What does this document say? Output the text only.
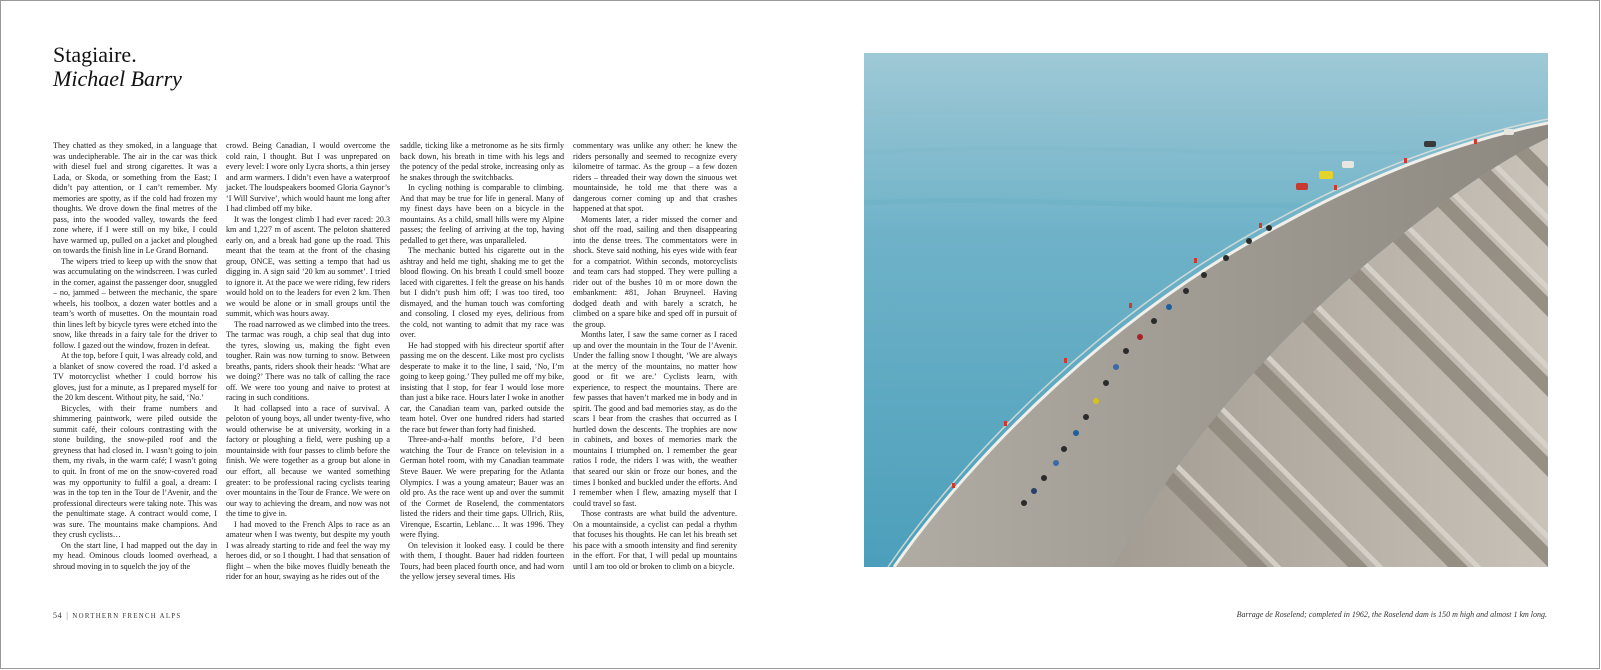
Stagiaire.
Michael Barry

They chatted as they smoked, in a language that was undecipherable. The air in the car was thick with diesel fuel and strong cigarettes. It was a Lada, or Skoda, or something from the East; I didn’t pay attention, or I can’t remember. My memories are spotty, as if the cold had frozen my thoughts. We drove down the final metres of the pass, into the wooded valley, towards the feed zone where, if I were still on my bike, I could have warmed up, pulled on a jacket and ploughed on towards the finish line in Le Grand Bornand.

The wipers tried to keep up with the snow that was accumulating on the windscreen. I was curled in the corner, against the passenger door, snuggled – no, jammed – between the mechanic, the spare wheels, his toolbox, a dozen water bottles and a team’s worth of musettes. On the mountain road thin lines left by bicycle tyres were etched into the snow, like threads in a fairy tale for the driver to follow. I gazed out the window, frozen in defeat.

At the top, before I quit, I was already cold, and a blanket of snow covered the road. I’d asked a TV motorcyclist whether I could borrow his gloves, just for a minute, as I prepared myself for the 20 km descent. Without pity, he said, ‘No.’

Bicycles, with their frame numbers and shimmering paintwork, were piled outside the summit café, their colours contrasting with the stone building, the snow-piled roof and the greyness that had closed in. I wasn’t going to join them, my rivals, in the warm café; I wasn’t going to quit. In front of me on the snow-covered road was my opportunity to fulfil a goal, a dream: I was in the top ten in the Tour de l’Avenir, and the professional directeurs were taking note. This was the penultimate stage. A contract would come, I was sure. The mountains make champions. And they crush cyclists…

On the start line, I had mapped out the day in my head. Ominous clouds loomed overhead, a shroud moving in to squelch the joy of the

crowd. Being Canadian, I would overcome the cold rain, I thought. But I was unprepared on every level: I wore only Lycra shorts, a thin jersey and arm warmers. I didn’t even have a waterproof jacket. The loudspeakers boomed Gloria Gaynor’s ‘I Will Survive’, which would haunt me long after I had climbed off my bike.

It was the longest climb I had ever raced: 20.3 km and 1,227 m of ascent. The peloton shattered early on, and a break had gone up the road. This meant that the team at the front of the chasing group, ONCE, was setting a tempo that had us digging in. A sign said ‘20 km au sommet’. I tried to ignore it. At the pace we were riding, few riders would hold on to the leaders for even 2 km. Then we would be alone or in small groups until the summit, which was hours away.

The road narrowed as we climbed into the trees. The tarmac was rough, a chip seal that dug into the tyres, slowing us, making the fight even tougher. Rain was now turning to snow. Between breaths, pants, riders shook their heads: ‘What are we doing?’ There was no talk of calling the race off. We were too young and naive to protest at racing in such conditions.

It had collapsed into a race of survival. A peloton of young boys, all under twenty-five, who would otherwise be at university, working in a factory or ploughing a field, were pushing up a mountainside with four passes to climb before the finish. We were together as a group but alone in our effort, all because we wanted something greater: to be professional racing cyclists tearing over mountains in the Tour de France. We were on our way to achieving the dream, and now was not the time to give in.

I had moved to the French Alps to race as an amateur when I was twenty, but despite my youth I was already starting to ride and feel the way my heroes did, or so I thought. I had that sensation of flight – when the bike moves fluidly beneath the rider for an hour, swaying as he rides out of the

saddle, ticking like a metronome as he sits firmly back down, his breath in time with his legs and the potency of the pedal stroke, increasing only as he snakes through the switchbacks.

In cycling nothing is comparable to climbing. And that may be true for life in general. Many of my finest days have been on a bicycle in the mountains. As a child, small hills were my Alpine passes; the feeling of arriving at the top, having pedalled to get there, was unparalleled.

The mechanic butted his cigarette out in the ashtray and held me tight, shaking me to get the blood flowing. On his breath I could smell booze laced with cigarettes. I felt the grease on his hands but I didn’t push him off; I was too tired, too dismayed, and the human touch was comforting and consoling. I closed my eyes, delirious from the cold, not wanting to admit that my race was over.

He had stopped with his directeur sportif after passing me on the descent. Like most pro cyclists desperate to make it to the line, I said, ‘No, I’m going to keep going.’ They pulled me off my bike, insisting that I stop, for fear I would lose more than just a bike race. Hours later I woke in another car, the Canadian team van, parked outside the team hotel. Over one hundred riders had started the race but fewer than forty had finished.

Three-and-a-half months before, I’d been watching the Tour de France on television in a German hotel room, with my Canadian teammate Steve Bauer. We were preparing for the Atlanta Olympics. I was a young amateur; Bauer was an old pro. As the race went up and over the summit of the Cormet de Roselend, the commentators listed the riders and their time gaps. Ullrich, Riis, Virenque, Escartin, Leblanc… It was 1996. They were flying.

On television it looked easy. I could be there with them, I thought. Bauer had ridden fourteen Tours, had been placed fourth once, and had worn the yellow jersey several times. His

commentary was unlike any other: he knew the riders personally and seemed to recognize every kilometre of tarmac. As the group – a few dozen riders – threaded their way down the sinuous wet mountainside, he told me that there was a dangerous corner coming up and that crashes happened at that spot.

Moments later, a rider missed the corner and shot off the road, sailing and then disappearing into the dense trees. The commentators were in shock. Steve said nothing, his eyes wide with fear for a compatriot. Within seconds, motorcyclists and team cars had stopped. They were pulling a rider out of the bushes 10 m or more down the embankment: #81, Johan Bruyneel. Having dodged death and with barely a scratch, he climbed on a spare bike and sped off in pursuit of the group.

Months later, I saw the same corner as I raced up and over the mountain in the Tour de l’Avenir. Under the falling snow I thought, ‘We are always at the mercy of the mountains, no matter how good or fit we are.’ Cyclists learn, with experience, to respect the mountains. There are few passes that haven’t marked me in body and in spirit. The good and bad memories stay, as do the scars I bear from the crashes that occurred as I hurtled down the descents. The trophies are now in cabinets, and boxes of memories mark the mountains I triumphed on. I remember the gear ratios I rode, the riders I was with, the weather that seared our skin or froze our bones, and the times I bonked and buckled under the efforts. And I remember when I flew, amazing myself that I could travel so fast.

Those contrasts are what build the adventure. On a mountainside, a cyclist can pedal a rhythm that focuses his thoughts. He can let his breath set his pace with a smooth intensity and find serenity in the effort. For that, I will pedal up mountains until I am too old or broken to climb on a bicycle.

54 | NORTHERN FRENCH ALPS	Barrage de Roselend; completed in 1962, the Roselend dam is 150 m high and almost 1 km long.
